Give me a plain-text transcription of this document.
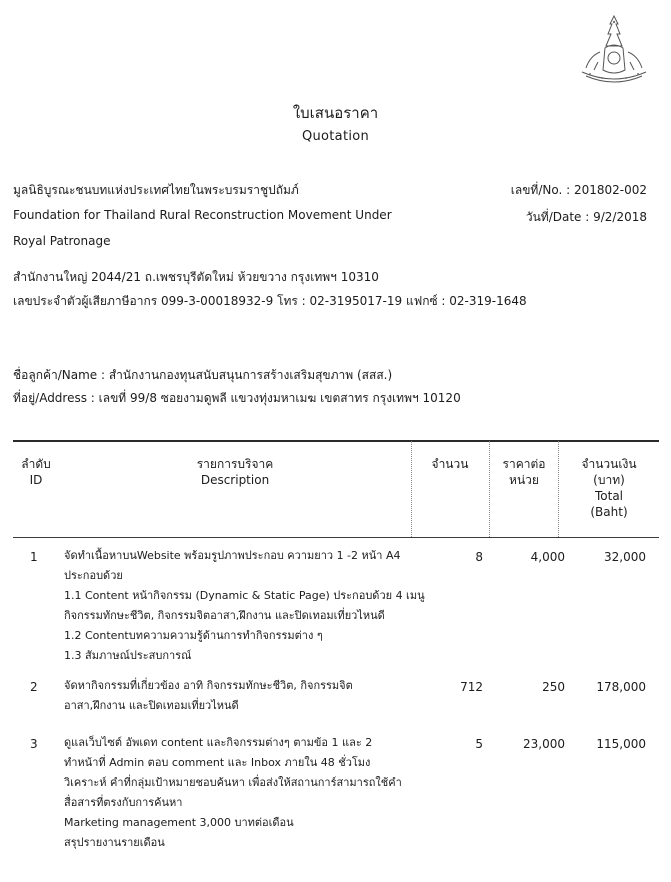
ใบเสนอราคา
Quotation
มูลนิธิบูรณะชนบทแห่งประเทศไทยในพระบรมราชูปถัมภ์
Foundation for Thailand Rural Reconstruction Movement Under
Royal Patronage
สำนักงานใหญ่ 2044/21 ถ.เพชรบุรีตัดใหม่ ห้วยขวาง กรุงเทพฯ 10310
เลขประจำตัวผู้เสียภาษีอากร 099-3-00018932-9 โทร : 02-3195017-19 แฟกซ์ : 02-319-1648
เลขที่/No. : 201802-002
วันที่/Date : 9/2/2018
ชื่อลูกค้า/Name : สำนักงานกองทุนสนับสนุนการสร้างเสริมสุขภาพ (สสส.)
ที่อยู่/Address : เลขที่ 99/8 ซอยงามดูพลี แขวงทุ่งมหาเมฆ เขตสาทร กรุงเทพฯ 10120
ลำดับ
ID
รายการบริจาค
Description
จำนวน	ราคาต่อ
หน่วย
จำนวนเงิน
(บาท)
Total
(Baht)
1 จัดทำเนื้อหาบนWebsite พร้อมรูปภาพประกอบ ความยาว 1 -2 หน้า A4
ประกอบด้วย
1.1 Content หน้ากิจกรรม (Dynamic & Static Page) ประกอบด้วย 4 เมนู
กิจกรรมทักษะชีวิต, กิจกรรมจิตอาสา,ฝึกงาน และปิดเทอมเที่ยวไหนดี
1.2 Contentบทความความรู้ด้านการทำกิจกรรมต่าง ๆ
1.3 สัมภาษณ์ประสบการณ์
8	4,000	32,000
2 จัดหากิจกรรมที่เกี่ยวข้อง อาทิ กิจกรรมทักษะชีวิต, กิจกรรมจิต
อาสา,ฝึกงาน และปิดเทอมเที่ยวไหนดี
712	250	178,000
3 ดูแลเว็บไซต์ อัพเดท content และกิจกรรมต่างๆ ตามข้อ 1 และ 2
ทำหน้าที่ Admin ตอบ comment และ Inbox ภายใน 48 ชั่วโมง
วิเคราะห์ คำที่กลุ่มเป้าหมายชอบค้นหา เพื่อส่งให้สถานการ์สามารถใช้คำ
สื่อสารที่ตรงกับการค้นหา
Marketing management 3,000 บาทต่อเดือน
สรุปรายงานรายเดือน
5	23,000	115,000
